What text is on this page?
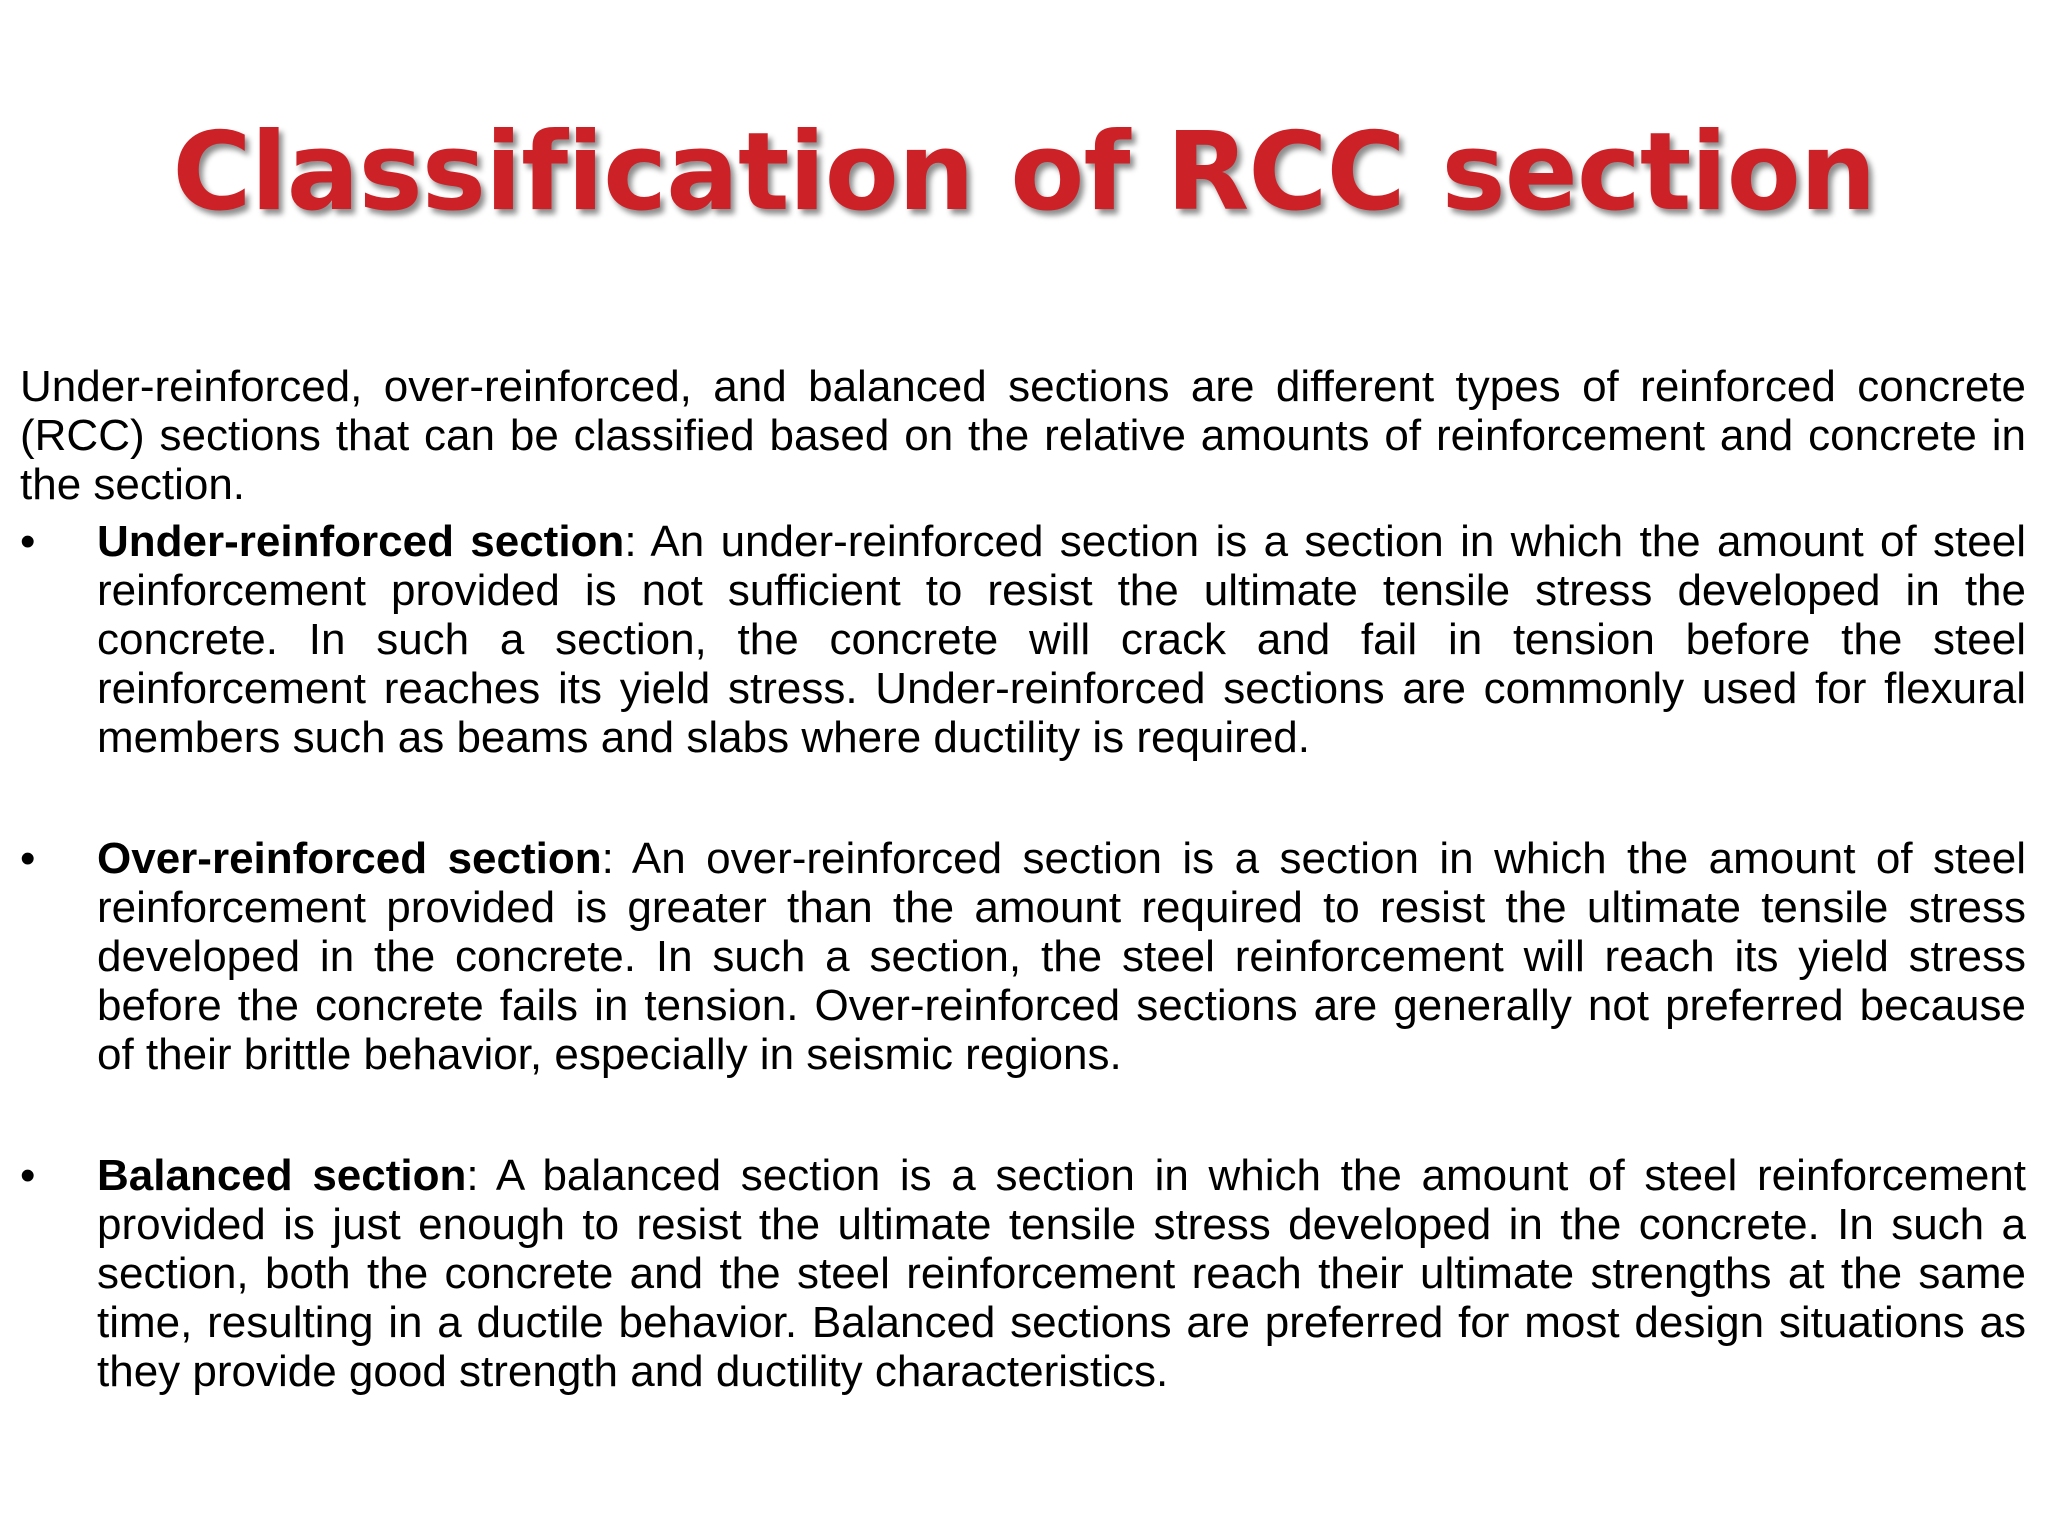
Classification of RCC section

Under-reinforced, over-reinforced, and balanced sections are different types of reinforced concrete (RCC) sections that can be classified based on the relative amounts of reinforcement and concrete in the section.

•	Under-reinforced section: An under-reinforced section is a section in which the amount of steel reinforcement provided is not sufficient to resist the ultimate tensile stress developed in the concrete. In such a section, the concrete will crack and fail in tension before the steel reinforcement reaches its yield stress. Under-reinforced sections are commonly used for flexural members such as beams and slabs where ductility is required.
•	Over-reinforced section: An over-reinforced section is a section in which the amount of steel reinforcement provided is greater than the amount required to resist the ultimate tensile stress developed in the concrete. In such a section, the steel reinforcement will reach its yield stress before the concrete fails in tension. Over-reinforced sections are generally not preferred because of their brittle behavior, especially in seismic regions.
•	Balanced section: A balanced section is a section in which the amount of steel reinforcement provided is just enough to resist the ultimate tensile stress developed in the concrete. In such a section, both the concrete and the steel reinforcement reach their ultimate strengths at the same time, resulting in a ductile behavior. Balanced sections are preferred for most design situations as they provide good strength and ductility characteristics.
